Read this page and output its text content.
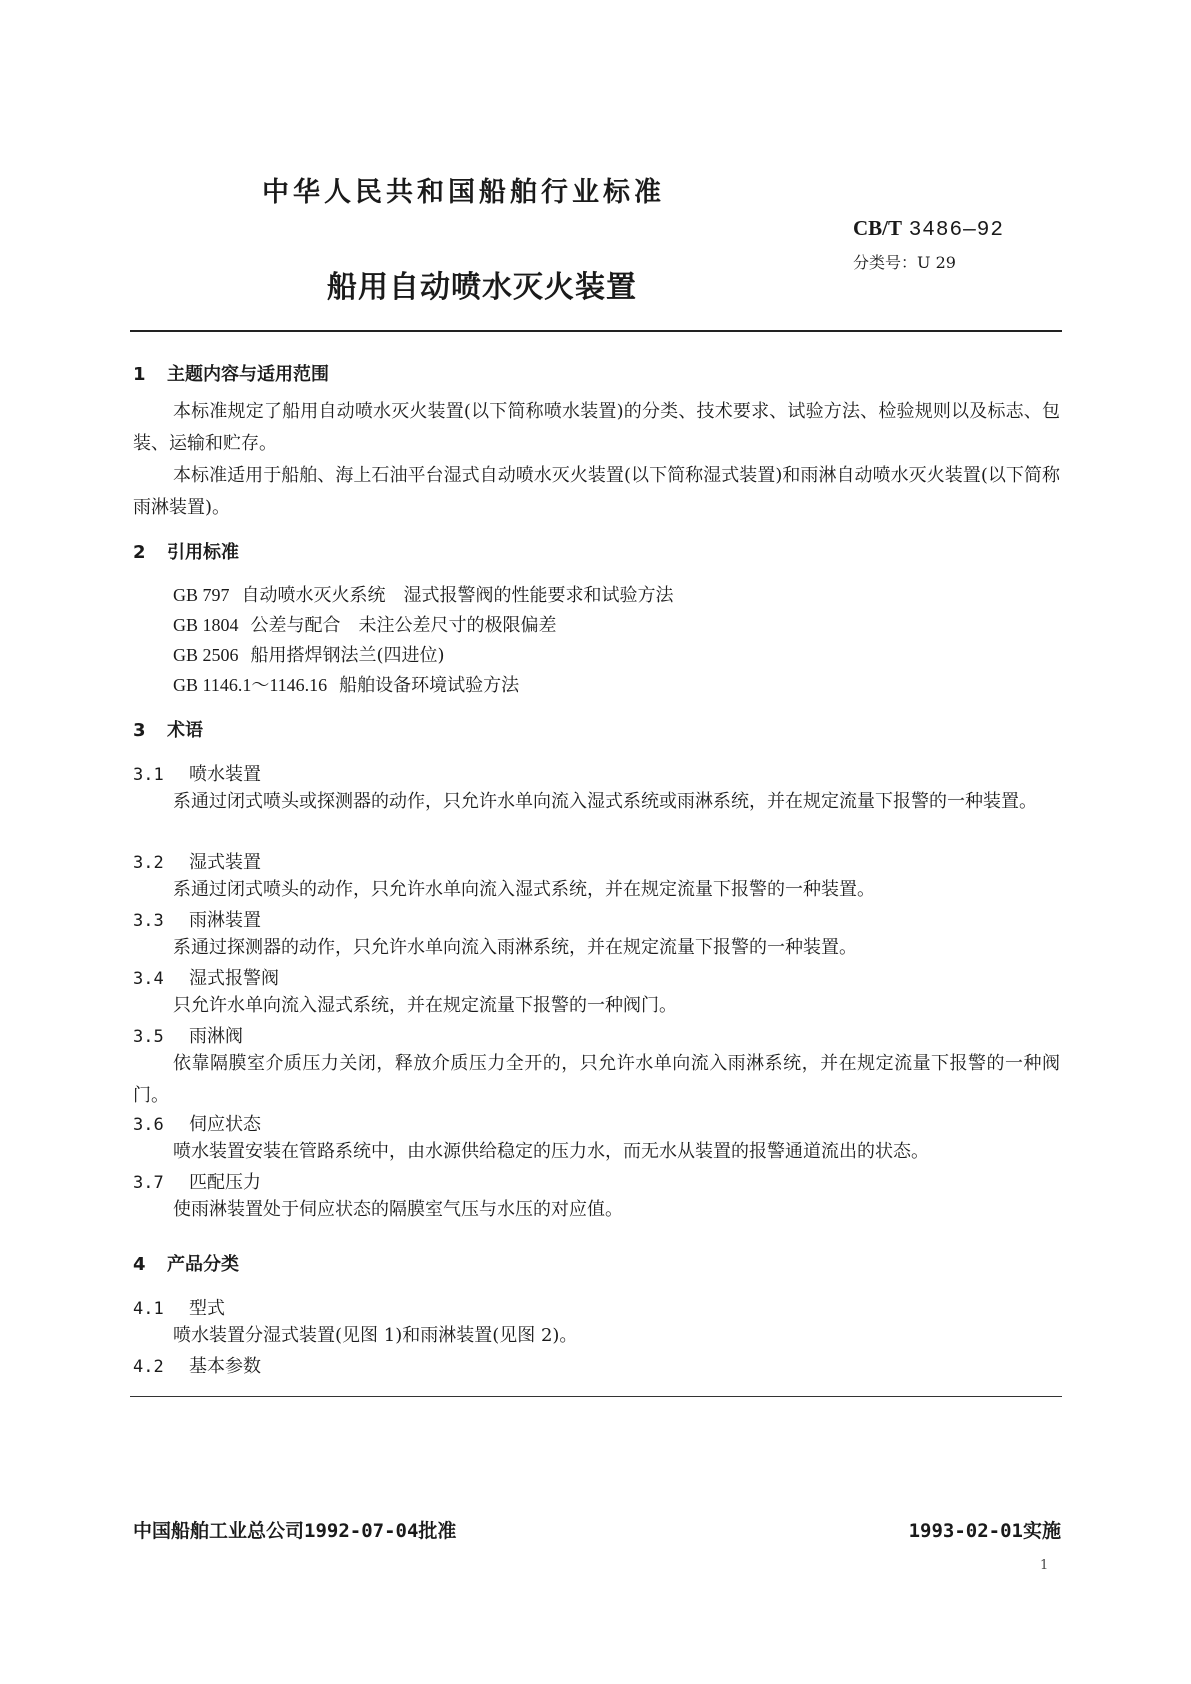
中华人民共和国船舶行业标准
CB/T 3486—92
分类号：U 29
船用自动喷水灭火装置
1 主题内容与适用范围
本标准规定了船用自动喷水灭火装置(以下简称喷水装置)的分类、技术要求、试验方法、检验规则以及标志、包装、运输和贮存。
本标准适用于船舶、海上石油平台湿式自动喷水灭火装置(以下简称湿式装置)和雨淋自动喷水灭火装置(以下简称雨淋装置)。
2 引用标准
GB 797 自动喷水灭火系统 湿式报警阀的性能要求和试验方法
GB 1804 公差与配合 未注公差尺寸的极限偏差
GB 2506 船用搭焊钢法兰(四进位)
GB 1146.1～1146.16 船舶设备环境试验方法
3 术语
3.1 喷水装置
系通过闭式喷头或探测器的动作，只允许水单向流入湿式系统或雨淋系统，并在规定流量下报警的一种装置。
3.2 湿式装置
系通过闭式喷头的动作，只允许水单向流入湿式系统，并在规定流量下报警的一种装置。
3.3 雨淋装置
系通过探测器的动作，只允许水单向流入雨淋系统，并在规定流量下报警的一种装置。
3.4 湿式报警阀
只允许水单向流入湿式系统，并在规定流量下报警的一种阀门。
3.5 雨淋阀
依靠隔膜室介质压力关闭，释放介质压力全开的，只允许水单向流入雨淋系统，并在规定流量下报警的一种阀门。
3.6 伺应状态
喷水装置安装在管路系统中，由水源供给稳定的压力水，而无水从装置的报警通道流出的状态。
3.7 匹配压力
使雨淋装置处于伺应状态的隔膜室气压与水压的对应值。
4 产品分类
4.1 型式
喷水装置分湿式装置(见图 1)和雨淋装置(见图 2)。
4.2 基本参数
中国船舶工业总公司1992-07-04批准	1993-02-01实施
1
